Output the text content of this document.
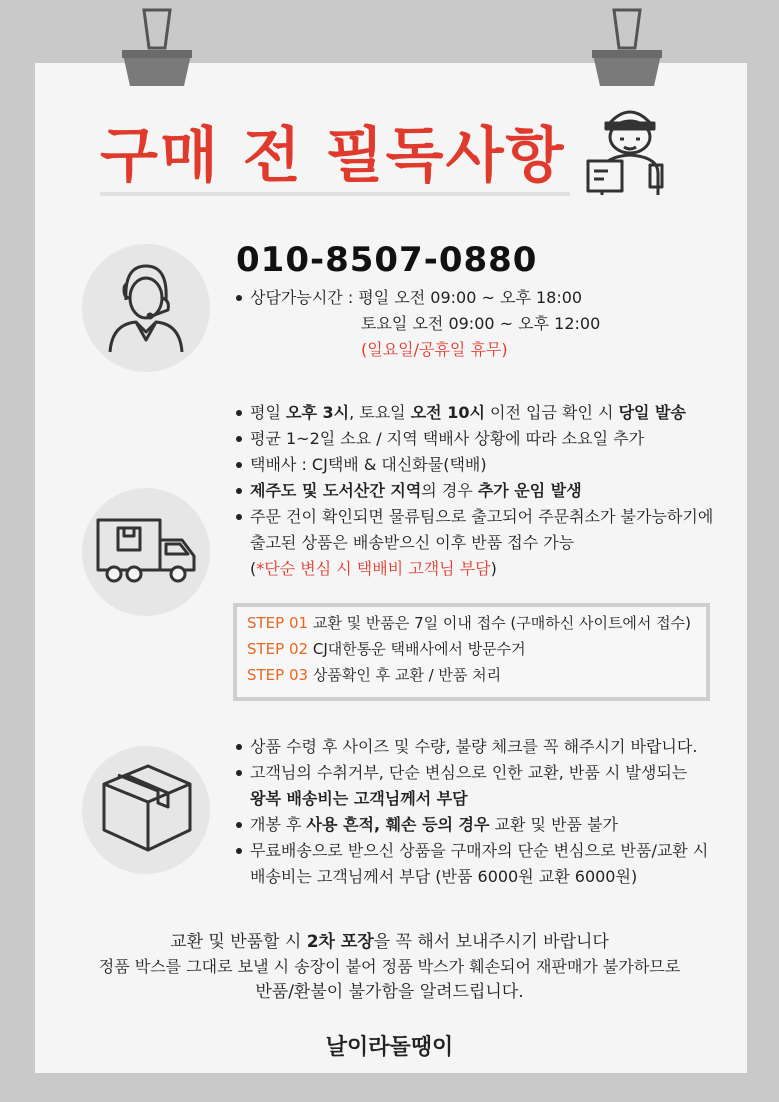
구매 전 필독사항
010-8507-0880
상담가능시간 : 평일 오전 09:00 ~ 오후 18:00
토요일 오전 09:00 ~ 오후 12:00
(일요일/공휴일 휴무)
평일 오후 3시, 토요일 오전 10시 이전 입금 확인 시 당일 발송
평균 1~2일 소요 / 지역 택배사 상황에 따라 소요일 추가
택배사 : CJ택배 & 대신화물(택배)
제주도 및 도서산간 지역의 경우 추가 운임 발생
주문 건이 확인되면 물류팀으로 출고되어 주문취소가 불가능하기에
출고된 상품은 배송받으신 이후 반품 접수 가능
(*단순 변심 시 택배비 고객님 부담)
STEP 01 교환 및 반품은 7일 이내 접수 (구매하신 사이트에서 접수)
STEP 02 CJ대한통운 택배사에서 방문수거
STEP 03 상품확인 후 교환 / 반품 처리
상품 수령 후 사이즈 및 수량, 불량 체크를 꼭 해주시기 바랍니다.
고객님의 수취거부, 단순 변심으로 인한 교환, 반품 시 발생되는
왕복 배송비는 고객님께서 부담
개봉 후 사용 흔적, 훼손 등의 경우 교환 및 반품 불가
무료배송으로 받으신 상품을 구매자의 단순 변심으로 반품/교환 시
배송비는 고객님께서 부담 (반품 6000원 교환 6000원)
교환 및 반품할 시 2차 포장을 꼭 해서 보내주시기 바랍니다
정품 박스를 그대로 보낼 시 송장이 붙어 정품 박스가 훼손되어 재판매가 불가하므로
반품/환불이 불가함을 알려드립니다.
날이라돌땡이
